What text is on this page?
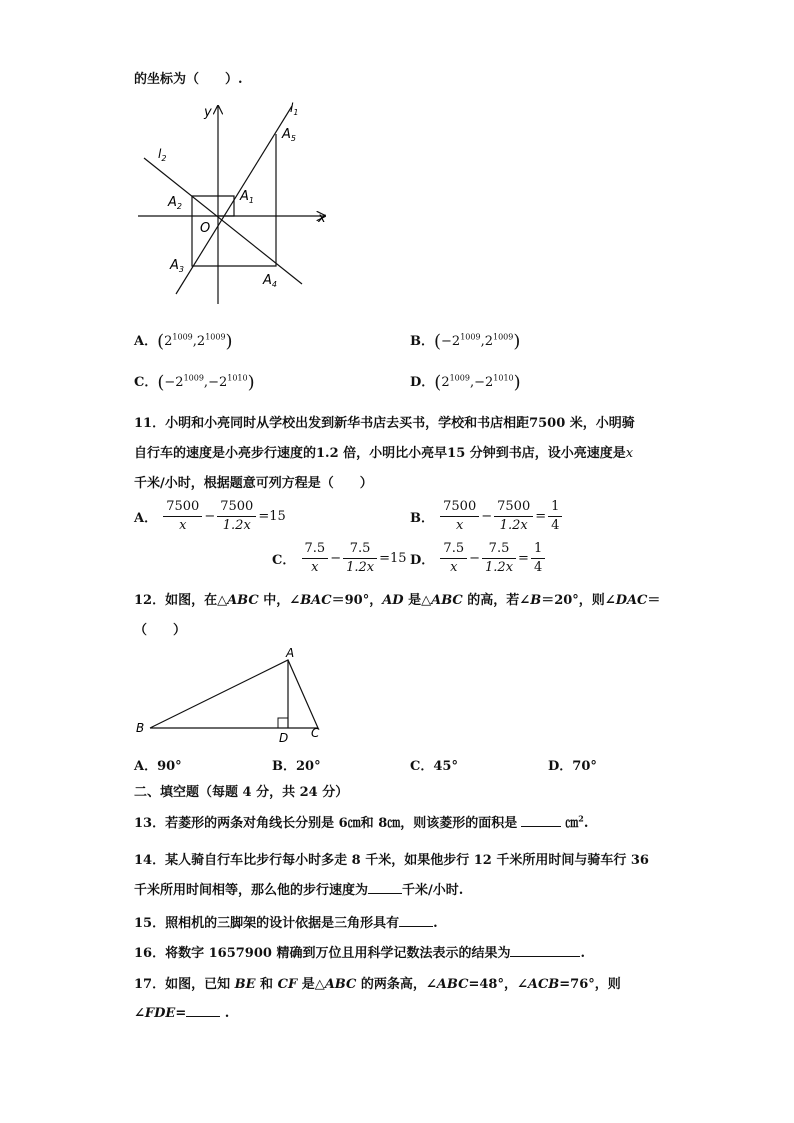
的坐标为（　　）.
y
x
O
$l_1$
$l_2$
$A_1$
$A_2$
$A_3$
$A_4$
$A_5$
A．$(2^{1009},2^{1009})$	B．$(-2^{1009},2^{1009})$
C．$(-2^{1009},-2^{1010})$	D．$(2^{1009},-2^{1010})$
11．小明和小亮同时从学校出发到新华书店去买书，学校和书店相距7500 米，小明骑
自行车的速度是小亮步行速度的1.2 倍，小明比小亮早15 分钟到书店，设小亮速度是x
千米/小时，根据题意可列方程是（　　）
A． $\frac{7500}{x} - \frac{7500}{1.2x} =15$	B． $\frac{7500}{x} - \frac{7500}{1.2x} = \frac{1}{4}$
C． $\frac{7.5}{x} - \frac{7.5}{1.2x} =15$ D． $\frac{7.5}{x} - \frac{7.5}{1.2x} = \frac{1}{4}$
12．如图，在△ABC 中，∠BAC＝90°，AD 是△ABC 的高，若∠B＝20°，则∠DAC＝
（　　）
A
B	C
D
A．90°	B．20°	C．45°	D．70°
二、填空题（每题 4 分，共 24 分）
13．若菱形的两条对角线长分别是 6㎝和 8㎝，则该菱形的面积是	㎝$^2$.
14．某人骑自行车比步行每小时多走 8 千米，如果他步行 12 千米所用时间与骑车行 36
千米所用时间相等，那么他的步行速度为	千米/小时.
15．照相机的三脚架的设计依据是三角形具有	.
16．将数字 1657900 精确到万位且用科学记数法表示的结果为	.
17．如图，已知 BE 和 CF 是△ABC 的两条高，∠ABC=48°，∠ACB=76°，则
∠FDE=	.
